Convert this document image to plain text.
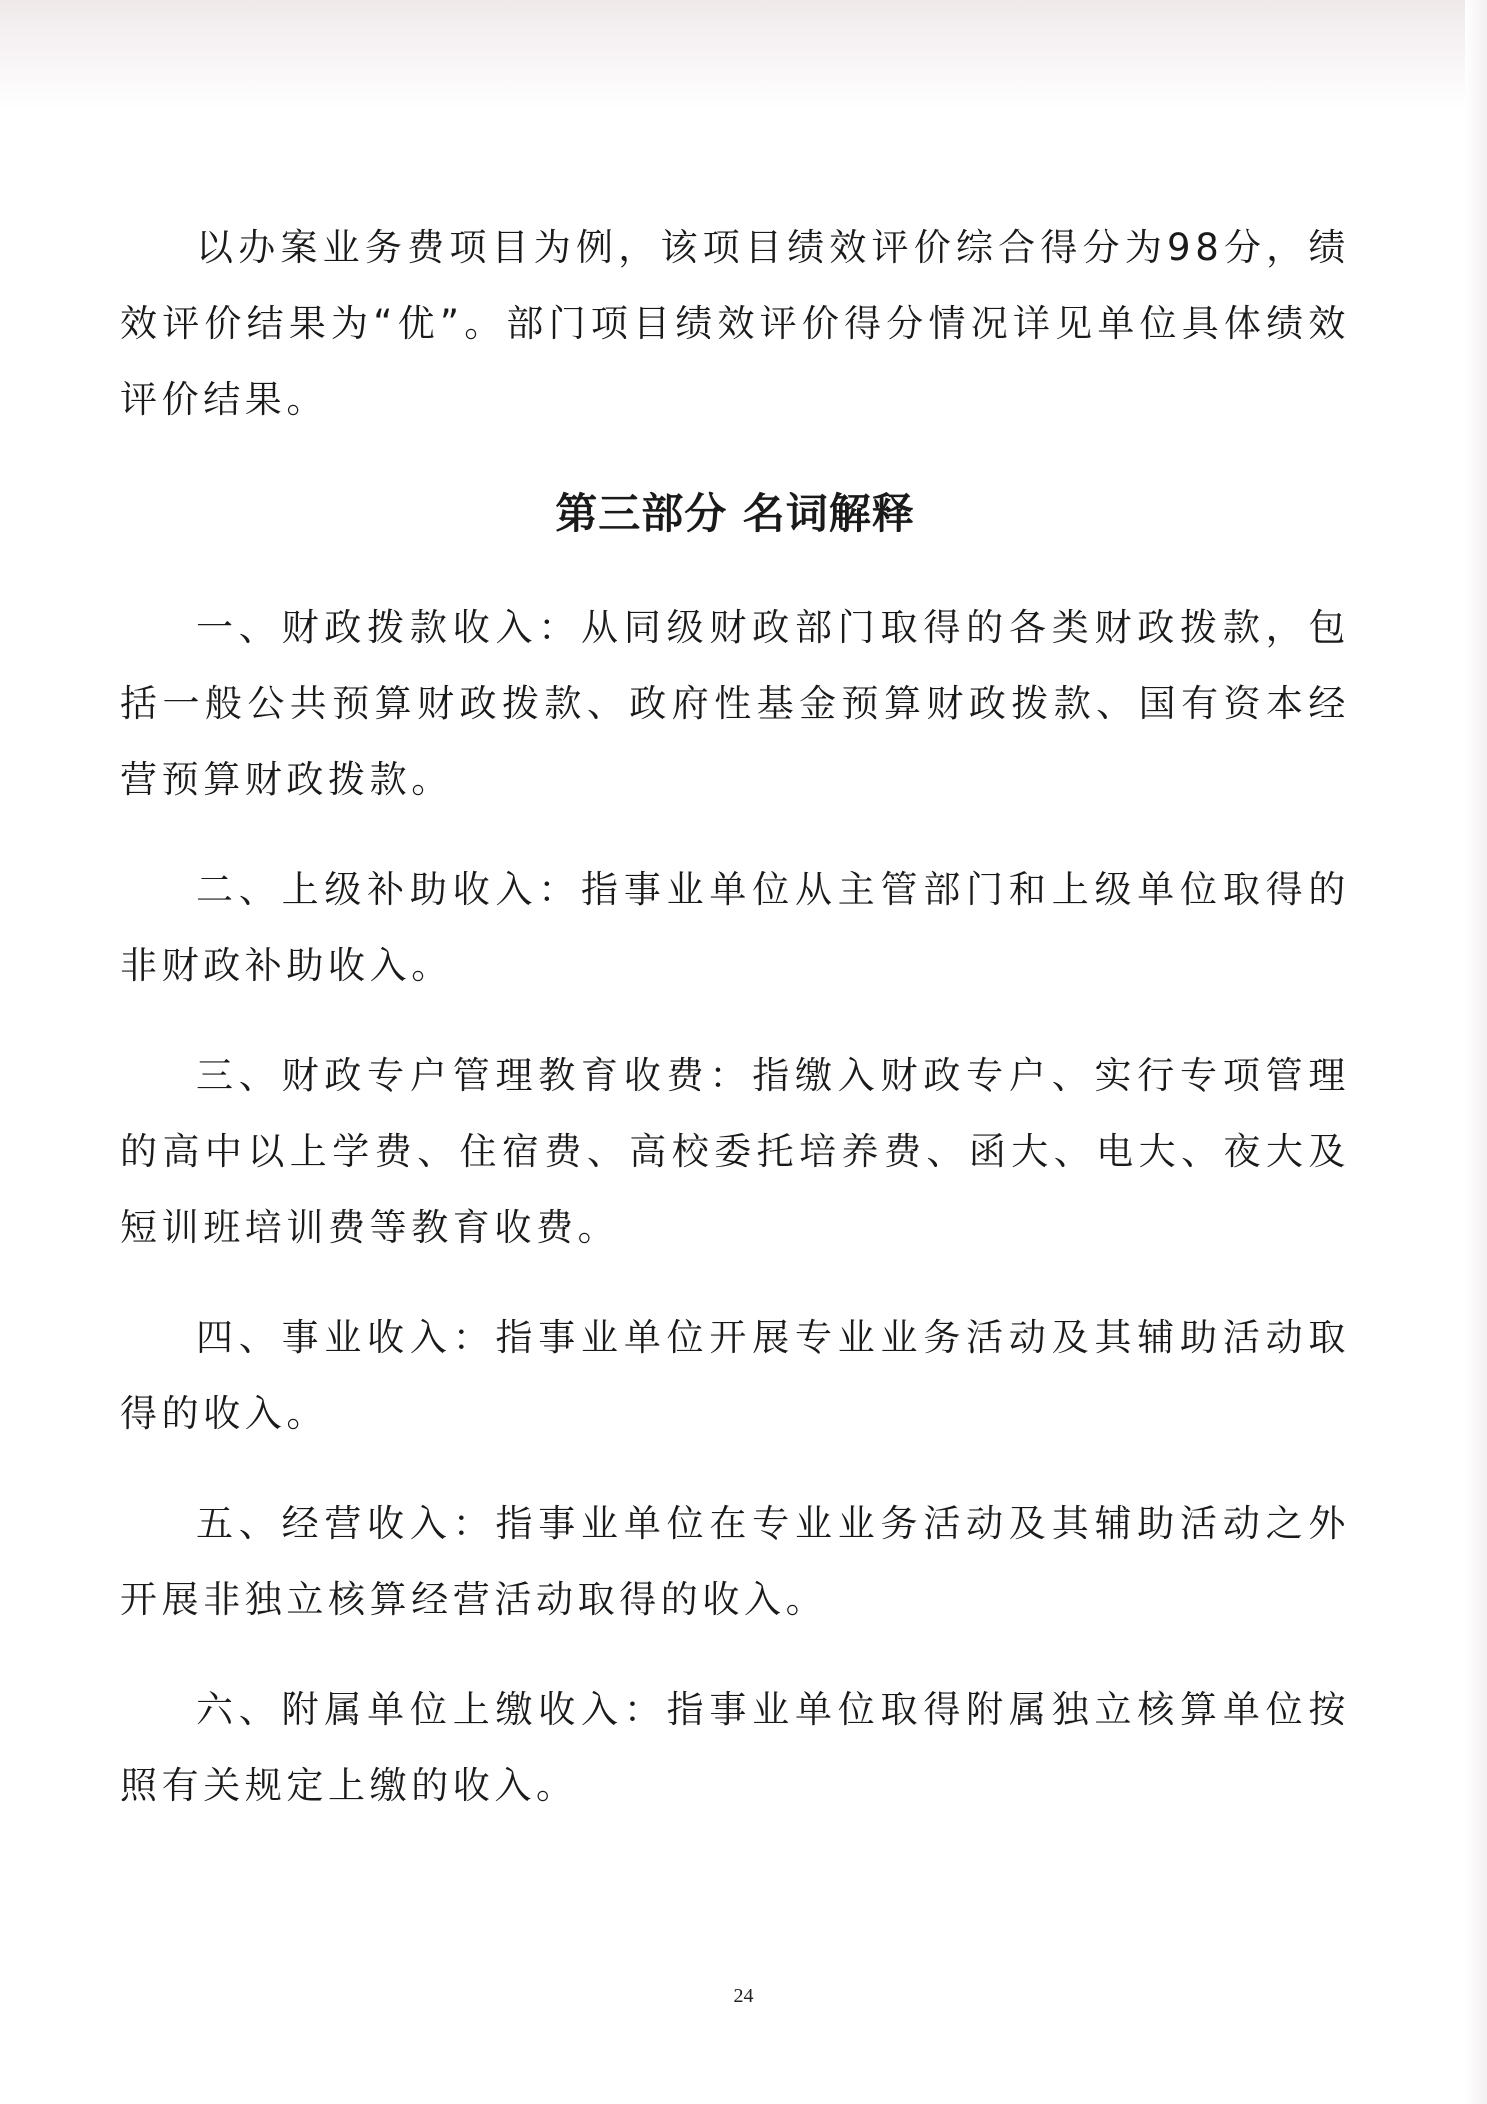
以办案业务费项目为例，该项目绩效评价综合得分为98分，绩效评价结果为“优”。部门项目绩效评价得分情况详见单位具体绩效评价结果。

第三部分 名词解释

一、财政拨款收入：从同级财政部门取得的各类财政拨款，包括一般公共预算财政拨款、政府性基金预算财政拨款、国有资本经营预算财政拨款。

二、上级补助收入：指事业单位从主管部门和上级单位取得的非财政补助收入。

三、财政专户管理教育收费：指缴入财政专户、实行专项管理的高中以上学费、住宿费、高校委托培养费、函大、电大、夜大及短训班培训费等教育收费。

四、事业收入：指事业单位开展专业业务活动及其辅助活动取得的收入。

五、经营收入：指事业单位在专业业务活动及其辅助活动之外开展非独立核算经营活动取得的收入。

六、附属单位上缴收入：指事业单位取得附属独立核算单位按照有关规定上缴的收入。

24
